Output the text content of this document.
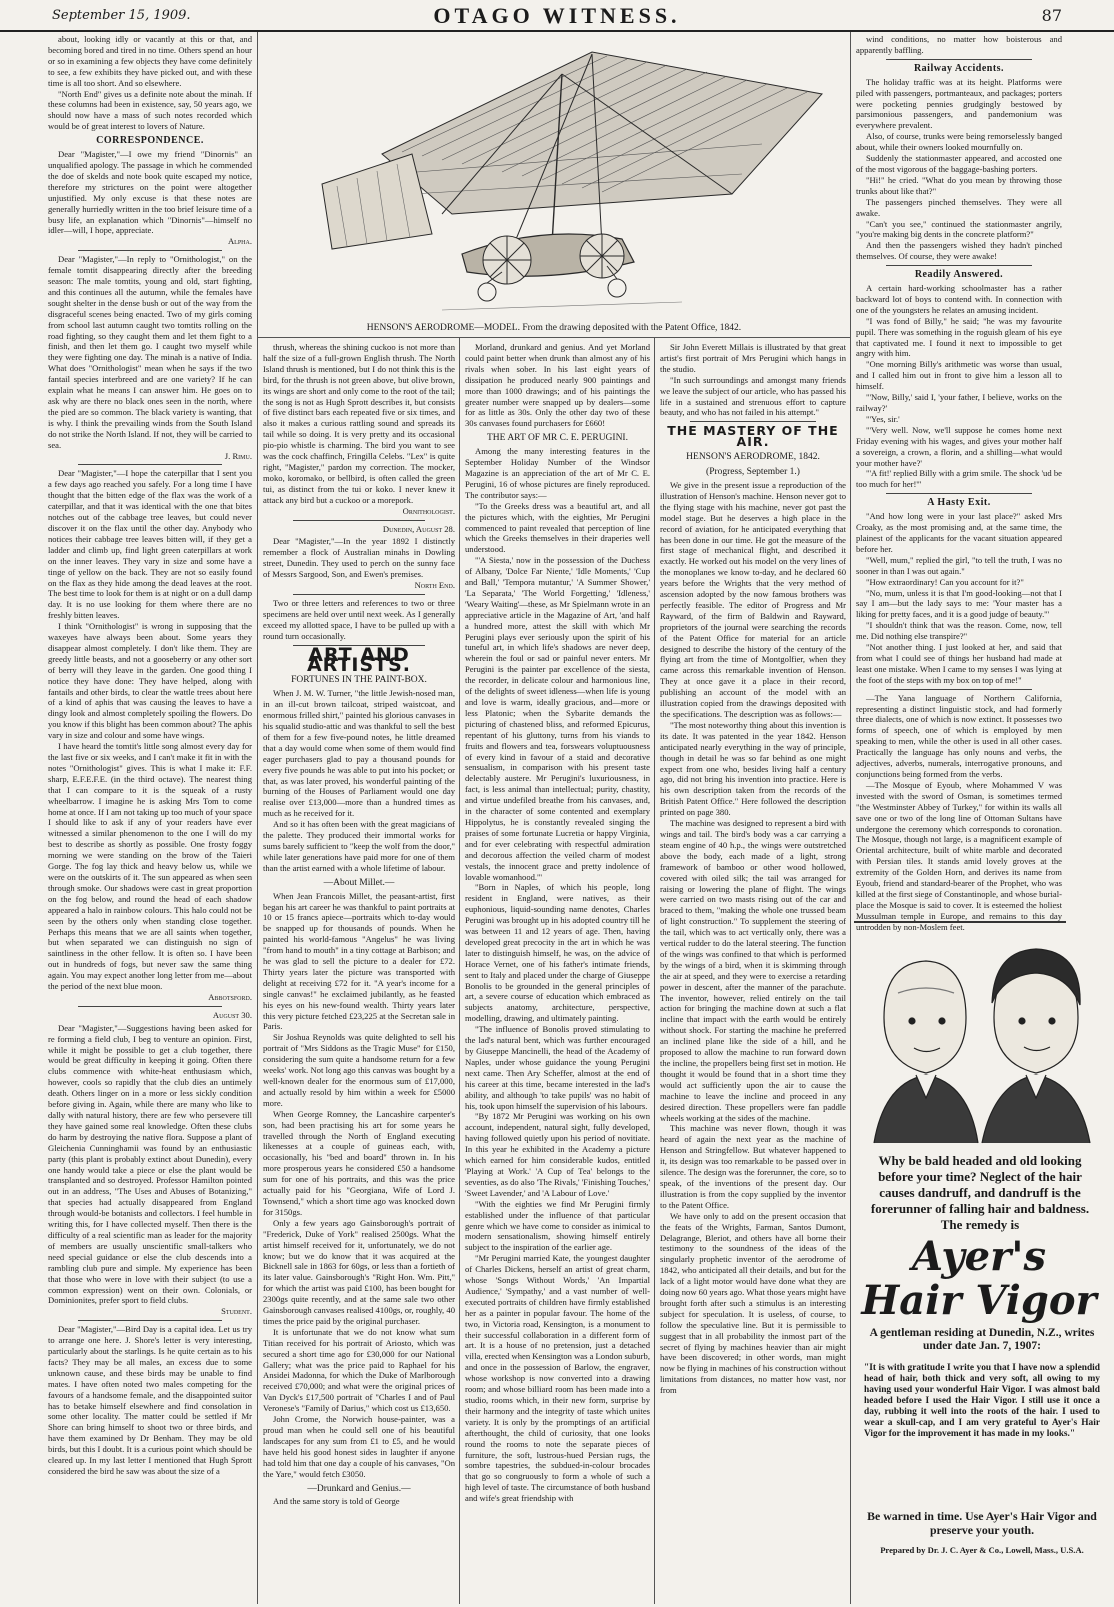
September 15, 1909.	OTAGO WITNESS.	87

about, looking idly or vacantly at this or that, and becoming bored and tired in no time. Others spend an hour or so in examining a few objects they have come definitely to see, a few exhibits they have picked out, and with these time is all too short. And so elsewhere.

"North End" gives us a definite note about the minah. If these columns had been in existence, say, 50 years ago, we should now have a mass of such notes recorded which would be of great interest to lovers of Nature.

CORRESPONDENCE.

Dear "Magister,"—I owe my friend "Dinornis" an unqualified apology. The passage in which he commended the doe of skelds and note book quite escaped my notice, therefore my strictures on the point were altogether unjustified. My only excuse is that these notes are generally hurriedly written in the too brief leisure time of a busy life, an explanation which "Dinornis"—himself no idler—will, I hope, appreciate.

Alpha.

Dear "Magister,"—In reply to "Ornithologist," on the female tomtit disappearing directly after the breeding season: The male tomtits, young and old, start fighting, and this continues all the autumn, while the females have sought shelter in the dense bush or out of the way from the disgraceful scenes being enacted. Two of my girls coming from school last autumn caught two tomtits rolling on the road fighting, so they caught them and let them fight to a finish, and then let them go. I caught two myself while they were fighting one day. The minah is a native of India. What does "Ornithologist" mean when he says if the two fantail species interbreed and are one variety? If he can explain what he means I can answer him. He goes on to ask why are there no black ones seen in the north, where the pied are so common. The black variety is wanting, that is why. I think the prevailing winds from the South Island do not strike the North Island. If not, they will be carried to sea.

J. Rimu.

Dear "Magister,"—I hope the caterpillar that I sent you a few days ago reached you safely. For a long time I have thought that the bitten edge of the flax was the work of a caterpillar, and that it was identical with the one that bites notches out of the cabbage tree leaves, but could never discover it on the flax until the other day. Anybody who notices their cabbage tree leaves bitten will, if they get a ladder and climb up, find light green caterpillars at work on the inner leaves. They vary in size and some have a tinge of yellow on the back. They are not so easily found on the flax as they hide among the dead leaves at the root. The best time to look for them is at night or on a dull damp day. It is no use looking for them where there are no freshly bitten leaves.

I think "Ornithologist" is wrong in supposing that the waxeyes have always been about. Some years they disappear almost completely. I don't like them. They are greedy little beasts, and not a gooseberry or any other sort of berry will they leave in the garden. One good thing I notice they have done: They have helped, along with fantails and other birds, to clear the wattle trees about here of a kind of aphis that was causing the leaves to have a dingy look and almost completely spoiling the flowers. Do you know if this blight has been common about? The aphis vary in size and colour and some have wings.

I have heard the tomtit's little song almost every day for the last five or six weeks, and I can't make it fit in with the notes "Ornithologist" gives. This is what I make it: F.F. sharp, E.F.E.F.E. (in the third octave). The nearest thing that I can compare to it is the squeak of a rusty wheelbarrow. I imagine he is asking Mrs Tom to come home at once. If I am not taking up too much of your space I should like to ask if any of your readers have ever witnessed a similar phenomenon to the one I will do my best to describe as shortly as possible. One frosty foggy morning we were standing on the brow of the Taieri Gorge. The fog lay thick and heavy below us, while we were on the outskirts of it. The sun appeared as when seen through smoke. Our shadows were cast in great proportion on the fog below, and round the head of each shadow appeared a halo in rainbow colours. This halo could not be seen by the others only when standing close together. Perhaps this means that we are all saints when together, but when separated we can distinguish no sign of saintliness in the other fellow. It is often so. I have been out in hundreds of fogs, but never saw the same thing again. You may expect another long letter from me—about the period of the next blue moon.

Abbotsford.

August 30.

Dear "Magister,"—Suggestions having been asked for re forming a field club, I beg to venture an opinion. First, while it might be possible to get a club together, there would be great difficulty in keeping it going. Often there clubs commence with white-heat enthusiasm which, however, cools so rapidly that the club dies an untimely death. Others linger on in a more or less sickly condition before giving in. Again, while there are many who like to dally with natural history, there are few who persevere till they have gained some real knowledge. Often these clubs do harm by destroying the native flora. Suppose a plant of Gleichenia Cunninghamii was found by an enthusiastic party (this plant is probably extinct about Dunedin), every one handy would take a piece or else the plant would be transplanted and so destroyed. Professor Hamilton pointed out in an address, "The Uses and Abuses of Botanizing," that species had actually disappeared from England through would-be botanists and collectors. I feel humble in writing this, for I have collected myself. Then there is the difficulty of a real scientific man as leader for the majority of members are usually unscientific small-talkers who need special guidance or else the club descends into a rambling club pure and simple. My experience has been that those who were in love with their subject (to use a common expression) went on their own. Colonials, or Dominionites, prefer sport to field clubs.

Student.

Dear "Magister,"—Bird Day is a capital idea. Let us try to arrange one here. J. Shore's letter is very interesting, particularly about the starlings. Is he quite certain as to his facts? They may be all males, an excess due to some unknown cause, and these birds may be unable to find mates. I have often noted two males competing for the favours of a handsome female, and the disappointed suitor has to betake himself elsewhere and find consolation in some other locality. The matter could be settled if Mr Shore can bring himself to shoot two or three birds, and have them examined by Dr Benham. They may be old birds, but this I doubt. It is a curious point which should be cleared up. In my last letter I mentioned that Hugh Sprott considered the bird he saw was about the size of a

HENSON'S AERODROME—MODEL. From the drawing deposited with the Patent Office, 1842.

thrush, whereas the shining cuckoo is not more than half the size of a full-grown English thrush. The North Island thrush is mentioned, but I do not think this is the bird, for the thrush is not green above, but olive brown, its wings are short and only come to the root of the tail; the song is not as Hugh Sprott describes it, but consists of five distinct bars each repeated five or six times, and also it makes a curious rattling sound and spreads its tail while so doing. It is very pretty and its occasional pio-pio whistle is charming. The bird you want to see was the cock chaffinch, Fringilla Celebs. "Lex" is quite right, "Magister," pardon my correction. The mocker, moko, koromako, or bellbird, is often called the green tui, as distinct from the tui or koko. I never knew it attack any bird but a cuckoo or a morepork.

Ornithologist.

Dunedin, August 28.

Dear "Magister,"—In the year 1892 I distinctly remember a flock of Australian minahs in Dowling street, Dunedin. They used to perch on the sunny face of Messrs Sargood, Son, and Ewen's premises.

North End.

Two or three letters and references to two or three specimens are held over until next week. As I generally exceed my allotted space, I have to be pulled up with a round turn occasionally.

ART AND ARTISTS.
FORTUNES IN THE PAINT-BOX.

When J. M. W. Turner, "the little Jewish-nosed man, in an ill-cut brown tailcoat, striped waistcoat, and enormous frilled shirt," painted his glorious canvases in his squalid studio-attic and was thankful to sell the best of them for a few five-pound notes, he little dreamed that a day would come when some of them would find eager purchasers glad to pay a thousand pounds for every five pounds he was able to put into his pocket; or that, as was later proved, his wonderful painting of the burning of the Houses of Parliament would one day realise over £13,000—more than a hundred times as much as he received for it.

And so it has often been with the great magicians of the palette. They produced their immortal works for sums barely sufficient to "keep the wolf from the door," while later generations have paid more for one of them than the artist earned with a whole lifetime of labour.

—About Millet.—

When Jean Francois Millet, the peasant-artist, first began his art career he was thankful to paint portraits at 10 or 15 francs apiece—portraits which to-day would be snapped up for thousands of pounds. When he painted his world-famous "Angelus" he was living "from hand to mouth" in a tiny cottage at Barbison; and he was glad to sell the picture to a dealer for £72. Thirty years later the picture was transported with delight at receiving £72 for it. "A year's income for a single canvas!" he exclaimed jubilantly, as he feasted his eyes on his new-found wealth. Thirty years later this very picture fetched £23,225 at the Secretan sale in Paris.

Sir Joshua Reynolds was quite delighted to sell his portrait of "Mrs Siddons as the Tragic Muse" for £150, considering the sum quite a handsome return for a few weeks' work. Not long ago this canvas was bought by a well-known dealer for the enormous sum of £17,000, and actually resold by him within a week for £5000 more.

When George Romney, the Lancashire carpenter's son, had been practising his art for some years he travelled through the North of England executing likenesses at a couple of guineas each, with, occasionally, his "bed and board" thrown in. In his more prosperous years he considered £50 a handsome sum for one of his portraits, and this was the price actually paid for his "Georgiana, Wife of Lord J. Townsend," which a short time ago was knocked down for 3150gs.

Only a few years ago Gainsborough's portrait of "Frederick, Duke of York" realised 2500gs. What the artist himself received for it, unfortunately, we do not know; but we do know that it was acquired at the Bicknell sale in 1863 for 60gs, or less than a fortieth of its later value. Gainsborough's "Right Hon. Wm. Pitt," for which the artist was paid £100, has been bought for 2300gs quite recently, and at the same sale two other Gainsborough canvases realised 4100gs, or, roughly, 40 times the price paid by the original purchaser.

It is unfortunate that we do not know what sum Titian received for his portrait of Ariosto, which was secured a short time ago for £30,000 for our National Gallery; what was the price paid to Raphael for his Ansidei Madonna, for which the Duke of Marlborough received £70,000; and what were the original prices of Van Dyck's £17,500 portrait of "Charles I and of Paul Veronese's "Family of Darius," which cost us £13,650.

John Crome, the Norwich house-painter, was a proud man when he could sell one of his beautiful landscapes for any sum from £1 to £5, and he would have held his good honest sides in laughter if anyone had told him that one day a couple of his canvases, "On the Yare," would fetch £3050.

—Drunkard and Genius.—

And the same story is told of George

Morland, drunkard and genius. And yet Morland could paint better when drunk than almost any of his rivals when sober. In his last eight years of dissipation he produced nearly 900 paintings and more than 1000 drawings; and of his paintings the greater number were snapped up by dealers—some for as little as 30s. Only the other day two of these 30s canvases found purchasers for £660!

THE ART OF MR C. E. PERUGINI.

Among the many interesting features in the September Holiday Number of the Windsor Magazine is an appreciation of the art of Mr C. E. Perugini, 16 of whose pictures are finely reproduced. The contributor says:—

"To the Greeks dress was a beautiful art, and all the pictures which, with the eighties, Mr Perugini commenced to paint revealed that perception of line which the Greeks themselves in their draperies well understood.

"'A Siesta,' now in the possession of the Duchess of Albany, 'Dolce Far Niente,' 'Idle Moments,' 'Cup and Ball,' 'Tempora mutantur,' 'A Summer Shower,' 'La Separata,' 'The World Forgetting,' 'Idleness,' 'Weary Waiting'—these, as Mr Spielmann wrote in an appreciative article in the Magazine of Art, 'and half a hundred more, attest the skill with which Mr Perugini plays ever seriously upon the spirit of his tuneful art, in which life's shadows are never deep, wherein the foul or sad or painful never enters. Mr Perugini is the painter par excellence of the siesta, the recorder, in delicate colour and harmonious line, of the delights of sweet idleness—when life is young and love is warm, ideally gracious, and—more or less Platonic; when the Sybarite demands the picturing of chastened bliss, and reformed Epicurus, repentant of his gluttony, turns from his viands to fruits and flowers and tea, forswears voluptuousness of every kind in favour of a staid and decorative sensualism, in comparison with his present taste delectably austere. Mr Perugini's luxuriousness, in fact, is less animal than intellectual; purity, chastity, and virtue undefiled breathe from his canvases, and, in the character of some contented and exemplary Hippolytus, he is constantly revealed singing the praises of some fortunate Lucretia or happy Virginia, and for ever celebrating with respectful admiration and decorous affection the veiled charm of modest vestals, the innocent grace and pretty indolence of lovable womanhood.'"

"Born in Naples, of which his people, long resident in England, were natives, as their euphonious, liquid-sounding name denotes, Charles Perugini was brought up in his adopted country till he was between 11 and 12 years of age. Then, having developed great precocity in the art in which he was later to distinguish himself, he was, on the advice of Horace Vernet, one of his father's intimate friends, sent to Italy and placed under the charge of Giuseppe Bonolis to be grounded in the general principles of art, a severe course of education which embraced as subjects anatomy, architecture, perspective, modelling, drawing, and ultimately painting.

"The influence of Bonolis proved stimulating to the lad's natural bent, which was further encouraged by Giuseppe Mancinelli, the head of the Academy of Naples, under whose guidance the young Perugini next came. Then Ary Scheffer, almost at the end of his career at this time, became interested in the lad's ability, and although 'to take pupils' was no habit of his, took upon himself the supervision of his labours.

"By 1872 Mr Perugini was working on his own account, independent, natural sight, fully developed, having followed quietly upon his period of novitiate. In this year he exhibited in the Academy a picture which earned for him considerable kudos, entitled 'Playing at Work.' 'A Cup of Tea' belongs to the seventies, as do also 'The Rivals,' 'Finishing Touches,' 'Sweet Lavender,' and 'A Labour of Love.'

"With the eighties we find Mr Perugini firmly established under the influence of that particular genre which we have come to consider as inimical to modern sensationalism, showing himself entirely subject to the inspiration of the earlier age.

"Mr Perugini married Kate, the youngest daughter of Charles Dickens, herself an artist of great charm, whose 'Songs Without Words,' 'An Impartial Audience,' 'Sympathy,' and a vast number of well-executed portraits of children have firmly established her as a painter in popular favour. The home of the two, in Victoria road, Kensington, is a monument to their successful collaboration in a different form of art. It is a house of no pretension, just a detached villa, erected when Kensington was a London suburb, and once in the possession of Barlow, the engraver, whose workshop is now converted into a drawing room; and whose billiard room has been made into a studio, rooms which, in their new form, surprise by their harmony and the integrity of taste which unites variety. It is only by the promptings of an artificial afterthought, the child of curiosity, that one looks round the rooms to note the separate pieces of furniture, the soft, lustrous-hued Persian rugs, the sombre tapestries, the subdued-in-colour brocades that go so congruously to form a whole of such a high level of taste. The circumstance of both husband and wife's great friendship with

Sir John Everett Millais is illustrated by that great artist's first portrait of Mrs Perugini which hangs in the studio.

"In such surroundings and amongst many friends we leave the subject of our article, who has passed his life in a sustained and strenuous effort to capture beauty, and who has not failed in his attempt."

THE MASTERY OF THE AIR.
HENSON'S AERODROME, 1842.
(Progress, September 1.)

We give in the present issue a reproduction of the illustration of Henson's machine. Henson never got to the flying stage with his machine, never got past the model stage. But he deserves a high place in the record of aviation, for he anticipated everything that has been done in our time. He got the measure of the first stage of mechanical flight, and described it exactly. He worked out his model on the very lines of the monoplanes we know to-day, and he declared 60 years before the Wrights that the very method of ascension adopted by the now famous brothers was perfectly feasible. The editor of Progress and Mr Rayward, of the firm of Baldwin and Rayward, proprietors of the journal were searching the records of the Patent Office for material for an article designed to describe the history of the century of the flying art from the time of Montgolfier, when they came across this remarkable invention of Henson. They at once gave it a place in their record, publishing an account of the model with an illustration copied from the drawings deposited with the specifications. The description was as follows:—

"The most noteworthy thing about this invention is its date. It was patented in the year 1842. Henson anticipated nearly everything in the way of principle, though in detail he was so far behind as one might expect from one who, besides living half a century ago, did not bring his invention into practice. Here is his own description taken from the records of the British Patent Office." Here followed the description printed on page 380.

The machine was designed to represent a bird with wings and tail. The bird's body was a car carrying a steam engine of 40 h.p., the wings were outstretched above the body, each made of a light, strong framework of bamboo or other wood hollowed, covered with oiled silk; the tail was arranged for raising or lowering the plane of flight. The wings were carried on two masts rising out of the car and braced to them, "making the whole one trussed beam of light construction." To supplement the steering of the tail, which was to act vertically only, there was a vertical rudder to do the lateral steering. The function of the wings was confined to that which is performed by the wings of a bird, when it is skimming through the air at speed, and they were to exercise a retarding power in descent, after the manner of the parachute. The inventor, however, relied entirely on the tail action for bringing the machine down at such a flat incline that impact with the earth would be entirely without shock. For starting the machine he preferred an inclined plane like the side of a hill, and he proposed to allow the machine to run forward down the incline, the propellers being first set in motion. He thought it would be found that in a short time they would act sufficiently upon the air to cause the machine to leave the incline and proceed in any desired direction. These propellers were fan paddle wheels working at the sides of the machine.

This machine was never flown, though it was heard of again the next year as the machine of Henson and Stringfellow. But whatever happened to it, its design was too remarkable to be passed over in silence. The design was the forerunner, the core, so to speak, of the inventions of the present day. Our illustration is from the copy supplied by the inventor to the Patent Office.

We have only to add on the present occasion that the feats of the Wrights, Farman, Santos Dumont, Delagrange, Bleriot, and others have all borne their testimony to the soundness of the ideas of the singularly prophetic inventor of the aerodrome of 1842, who anticipated all their details, and but for the lack of a light motor would have done what they are doing now 60 years ago. What those years might have brought forth after such a stimulus is an interesting subject for speculation. It is useless, of course, to follow the speculative line. But it is permissible to suggest that in all probability the inmost part of the secret of flying by machines heavier than air might have been discovered; in other words, man might now be flying in machines of his construction without limitations from distances, no matter how vast, nor from

wind conditions, no matter how boisterous and apparently baffling.

Railway Accidents.

The holiday traffic was at its height. Platforms were piled with passengers, portmanteaux, and packages; porters were pocketing pennies grudgingly bestowed by parsimonious passengers, and pandemonium was everywhere prevalent.

Also, of course, trunks were being remorselessly banged about, while their owners looked mournfully on.

Suddenly the stationmaster appeared, and accosted one of the most vigorous of the baggage-bashing porters.

"Hi!" he cried. "What do you mean by throwing those trunks about like that?"

The passengers pinched themselves. They were all awake.

"Can't you see," continued the stationmaster angrily, "you're making big dents in the concrete platform?"

And then the passengers wished they hadn't pinched themselves. Of course, they were awake!

Readily Answered.

A certain hard-working schoolmaster has a rather backward lot of boys to contend with. In connection with one of the youngsters he relates an amusing incident.

"I was fond of Billy," he said; "he was my favourite pupil. There was something in the roguish gleam of his eye that captivated me. I found it next to impossible to get angry with him.

"One morning Billy's arithmetic was worse than usual, and I called him out in front to give him a lesson all to himself.

"'Now, Billy,' said I, 'your father, I believe, works on the railway?'

"'Yes, sir.'

"'Very well. Now, we'll suppose he comes home next Friday evening with his wages, and gives your mother half a sovereign, a crown, a florin, and a shilling—what would your mother have?'

"'A fit!' replied Billy with a grim smile. The shock 'ud be too much for her!'"

A Hasty Exit.

"And how long were in your last place?" asked Mrs Croaky, as the most promising and, at the same time, the plainest of the applicants for the vacant situation appeared before her.

"Well, mum," replied the girl, "to tell the truth, I was no sooner in than I was out again."

"How extraordinary! Can you account for it?"

"No, mum, unless it is that I'm good-looking—not that I say I am—but the lady says to me: 'Your master has a liking for pretty faces, and it is a good judge of beauty.'"

"I shouldn't think that was the reason. Come, now, tell me. Did nothing else transpire?"

"Not another thing. I just looked at her, and said that from what I could see of things her husband had made at least one mistake. When I came to my senses I was lying at the foot of the steps with my box on top of me!"

—The Yana language of Northern California, representing a distinct linguistic stock, and had formerly three dialects, one of which is now extinct. It possesses two forms of speech, one of which is employed by men speaking to men, while the other is used in all other cases. Practically the language has only nouns and verbs, the adjectives, adverbs, numerals, interrogative pronouns, and conjunctions being formed from the verbs.

—The Mosque of Eyoub, where Mohammed V was invested with the sword of Osman, is sometimes termed "the Westminster Abbey of Turkey," for within its walls all save one or two of the long line of Ottoman Sultans have undergone the ceremony which corresponds to coronation. The Mosque, though not large, is a magnificent example of Oriental architecture, built of white marble and decorated with Persian tiles. It stands amid lovely groves at the extremity of the Golden Horn, and derives its name from Eyoub, friend and standard-bearer of the Prophet, who was killed at the first siege of Constantinople, and whose burial-place the Mosque is said to cover. It is esteemed the holiest Mussulman temple in Europe, and remains to this day untrodden by non-Moslem feet.

Why be bald headed and old looking before your time? Neglect of the hair causes dandruff, and dandruff is the forerunner of falling hair and baldness. The remedy is
Ayer's
Hair Vigor
A gentleman residing at Dunedin, N.Z., writes under date Jan. 7, 1907:
"It is with gratitude I write you that I have now a splendid head of hair, both thick and very soft, all owing to my having used your wonderful Hair Vigor. I was almost bald headed before I used the Hair Vigor. I still use it once a day, rubbing it well into the roots of the hair. I used to wear a skull-cap, and I am very grateful to Ayer's Hair Vigor for the improvement it has made in my looks."
Be warned in time. Use Ayer's Hair Vigor and preserve your youth.
Prepared by Dr. J. C. Ayer & Co., Lowell, Mass., U.S.A.
